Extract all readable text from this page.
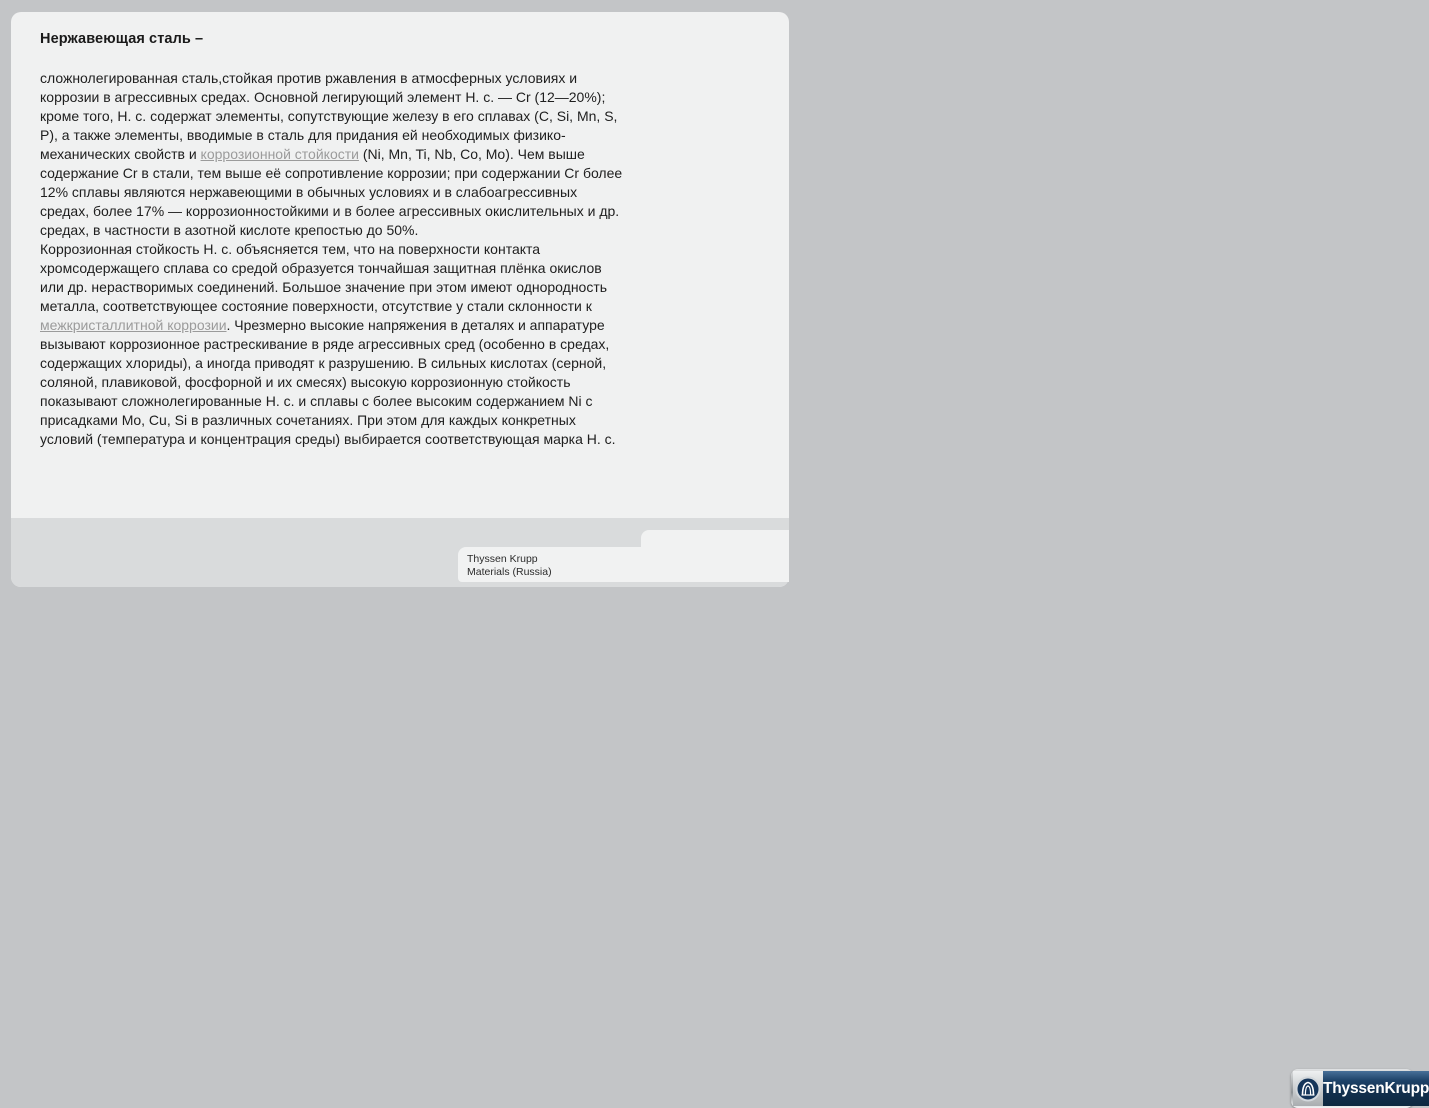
Нержавеющая сталь –
сложнолегированная сталь,стойкая против ржавления в атмосферных условиях и
коррозии в агрессивных средах. Основной легирующий элемент Н. с. — Cr (12—20%);
кроме того, Н. с. содержат элементы, сопутствующие железу в его сплавах (C, Si, Mn, S,
P), а также элементы, вводимые в сталь для придания ей необходимых физико-
механических свойств и коррозионной стойкости (Ni, Mn, Ti, Nb, Co, Mo). Чем выше
содержание Cr в стали, тем выше её сопротивление коррозии; при содержании Cr более
12% сплавы являются нержавеющими в обычных условиях и в слабоагрессивных
средах, более 17% — коррозионностойкими и в более агрессивных окислительных и др.
средах, в частности в азотной кислоте крепостью до 50%.
Коррозионная стойкость Н. с. объясняется тем, что на поверхности контакта
хромсодержащего сплава со средой образуется тончайшая защитная плёнка окислов
или др. нерастворимых соединений. Большое значение при этом имеют однородность
металла, соответствующее состояние поверхности, отсутствие у стали склонности к
межкристаллитной коррозии. Чрезмерно высокие напряжения в деталях и аппаратуре
вызывают коррозионное растрескивание в ряде агрессивных сред (особенно в средах,
содержащих хлориды), а иногда приводят к разрушению. В сильных кислотах (серной,
соляной, плавиковой, фосфорной и их смесях) высокую коррозионную стойкость
показывают сложнолегированные Н. с. и сплавы с более высоким содержанием Ni с
присадками Mo, Cu, Si в различных сочетаниях. При этом для каждых конкретных
условий (температура и концентрация среды) выбирается соответствующая марка Н. с.
Thyssen Krupp
Materials (Russia)
ThyssenKrupp
